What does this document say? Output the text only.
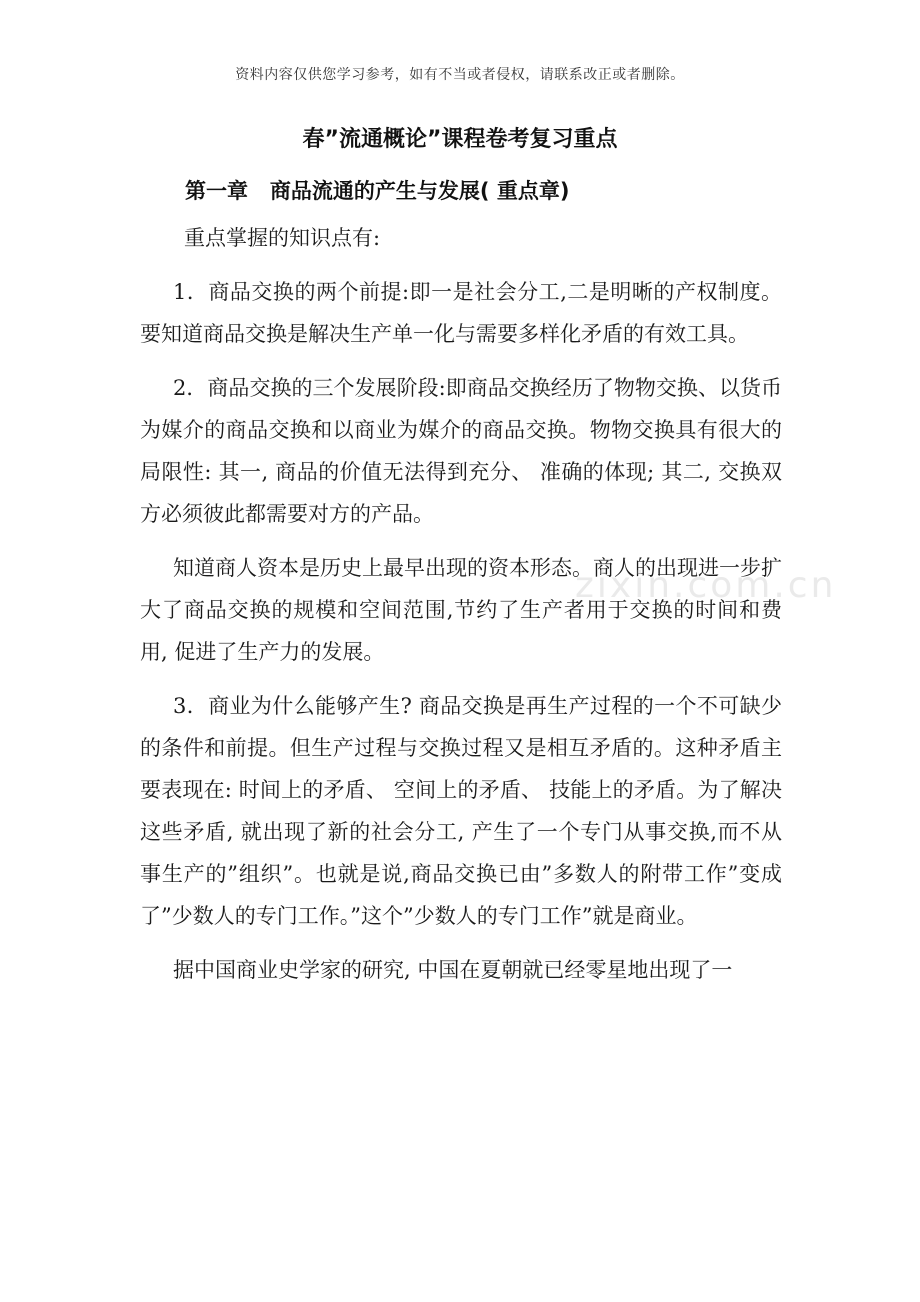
资料内容仅供您学习参考，如有不当或者侵权，请联系改正或者删除。
春”流通概论”课程卷考复习重点
第一章   商品流通的产生与发展( 重点章)

重点掌握的知识点有:

1．商品交换的两个前提:即一是社会分工,二是明晰的产权制度。要知道商品交换是解决生产单一化与需要多样化矛盾的有效工具。

2．商品交换的三个发展阶段:即商品交换经历了物物交换、以货币为媒介的商品交换和以商业为媒介的商品交换。物物交换具有很大的局限性: 其一, 商品的价值无法得到充分、 准确的体现; 其二, 交换双方必须彼此都需要对方的产品。

知道商人资本是历史上最早出现的资本形态。商人的出现进一步扩大了商品交换的规模和空间范围,节约了生产者用于交换的时间和费用, 促进了生产力的发展。

3．商业为什么能够产生? 商品交换是再生产过程的一个不可缺少的条件和前提。但生产过程与交换过程又是相互矛盾的。这种矛盾主要表现在: 时间上的矛盾、 空间上的矛盾、 技能上的矛盾。为了解决这些矛盾, 就出现了新的社会分工, 产生了一个专门从事交换,而不从事生产的”组织”。也就是说,商品交换已由”多数人的附带工作”变成了”少数人的专门工作。”这个”少数人的专门工作”就是商业。

据中国商业史学家的研究, 中国在夏朝就已经零星地出现了一

zixin.com.cn
